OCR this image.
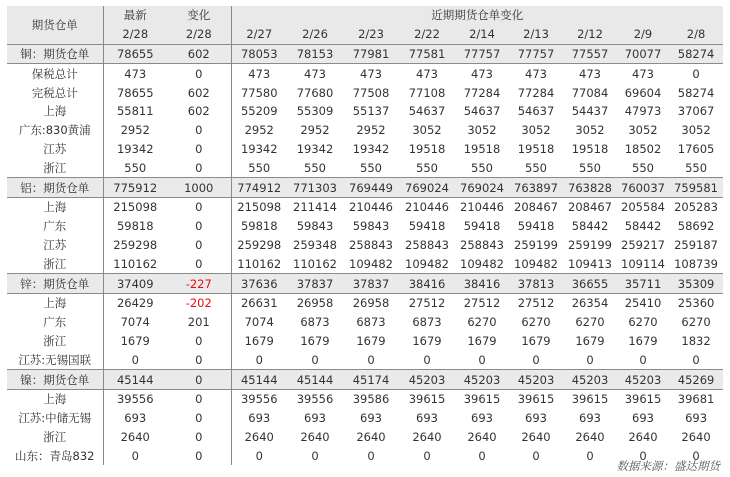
期货仓单	最新	变化	近期期货仓单变化								
	2/28	2/28	2/27	2/26	2/23	2/22	2/14	2/13	2/12	2/9	2/8
铜：期货仓单	78655	602	78053	78153	77981	77581	77757	77757	77557	70077	58274
保税总计	473	0	473	473	473	473	473	473	473	473	0
完税总计	78655	602	77580	77680	77508	77108	77284	77284	77084	69604	58274
上海	55811	602	55209	55309	55137	54637	54637	54637	54437	47973	37067
广东:830黄浦	2952	0	2952	2952	2952	3052	3052	3052	3052	3052	3052
江苏	19342	0	19342	19342	19342	19518	19518	19518	19518	18502	17605
浙江	550	0	550	550	550	550	550	550	550	550	550
铝：期货仓单	775912	1000	774912	771303	769449	769024	769024	763897	763828	760037	759581
上海	215098	0	215098	211414	210446	210446	210446	208467	208467	205584	205283
广东	59818	0	59818	59843	59843	59418	59418	59418	58442	58442	58692
江苏	259298	0	259298	259348	258843	258843	258843	259199	259199	259217	259187
浙江	110162	0	110162	110162	109482	109482	109482	109482	109413	109114	108739
锌：期货仓单	37409	-227	37636	37837	37837	38416	38416	37813	36655	35711	35309
上海	26429	-202	26631	26958	26958	27512	27512	27512	26354	25410	25360
广东	7074	201	7074	6873	6873	6873	6270	6270	6270	6270	6270
浙江	1679	0	1679	1679	1679	1679	1679	1679	1679	1679	1832
江苏:无锡国联	0	0	0	0	0	0	0	0	0	0	0
镍：期货仓单	45144	0	45144	45144	45174	45203	45203	45203	45203	45203	45269
上海	39556	0	39556	39556	39586	39615	39615	39615	39615	39615	39681
江苏:中储无锡	693	0	693	693	693	693	693	693	693	693	693
浙江	2640	0	2640	2640	2640	2640	2640	2640	2640	2640	2640
山东：青岛832	0	0	0	0	0	0	0	0	0	0	0
数据来源：盛达期货
